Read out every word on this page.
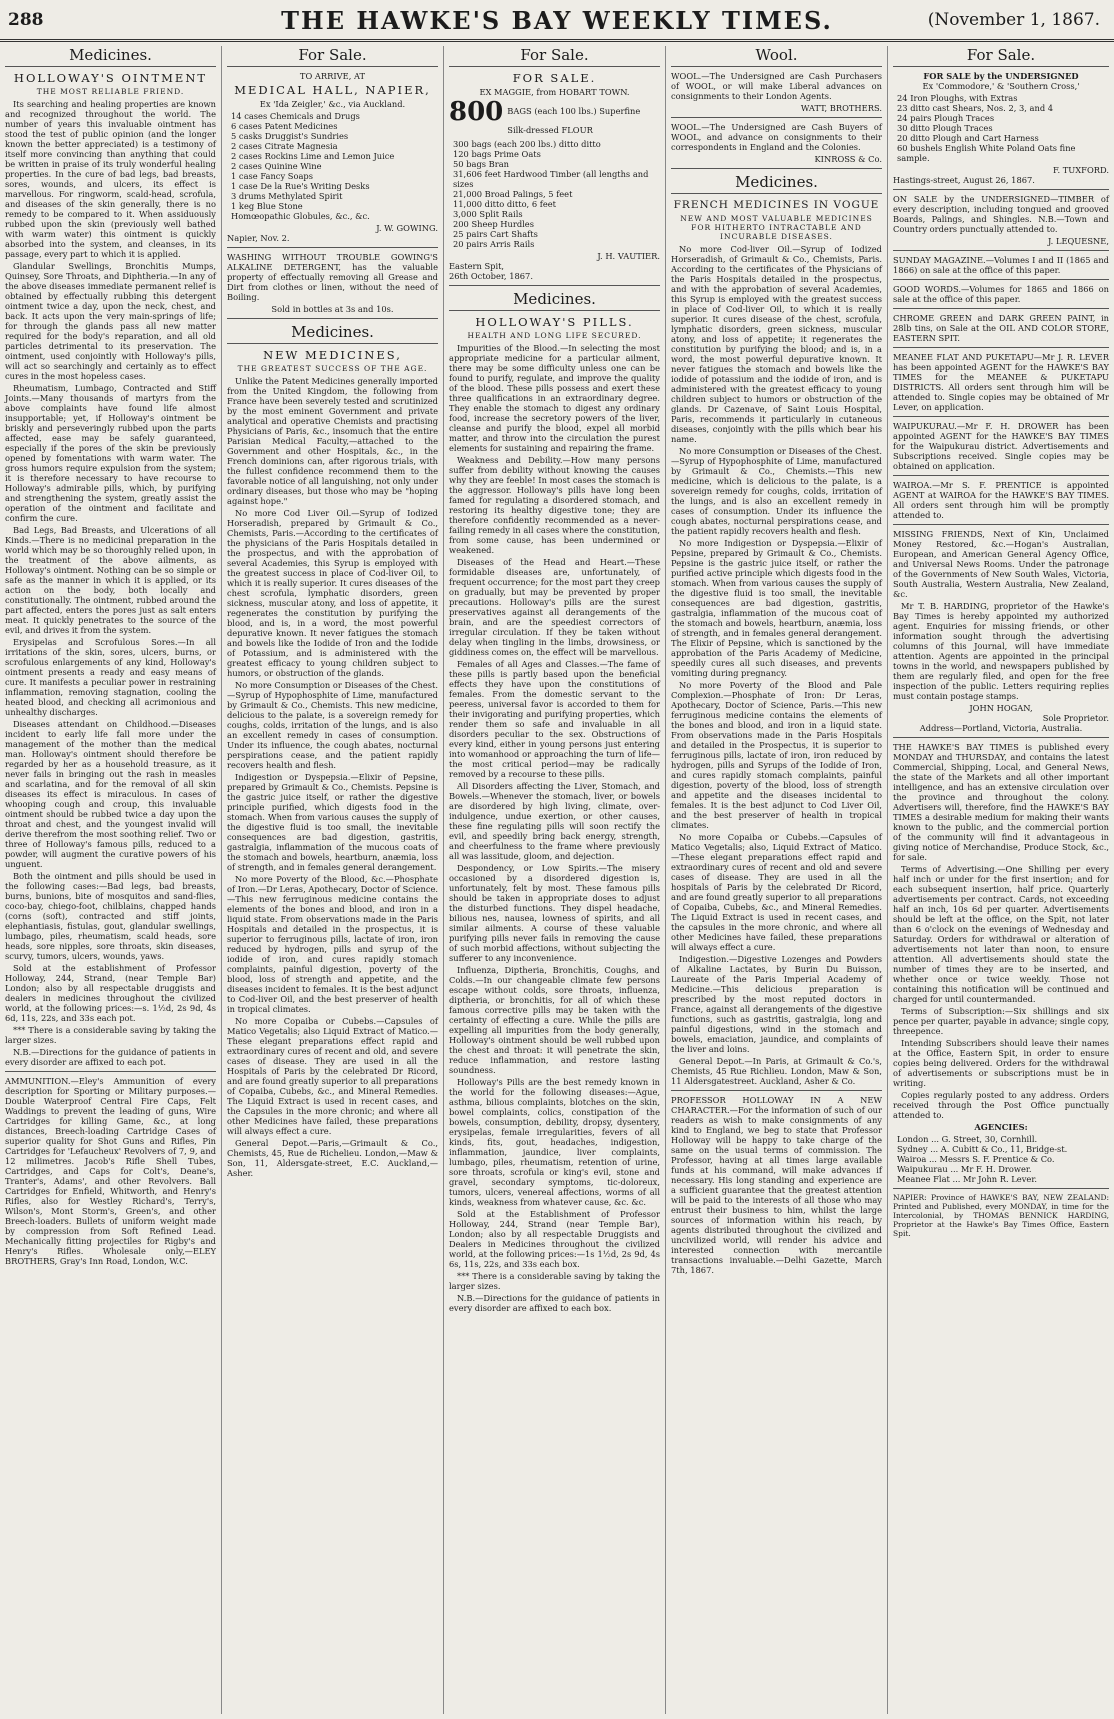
288	THE HAWKE'S BAY WEEKLY TIMES.	(November 1, 1867.
Medicines.
HOLLOWAY'S OINTMENT
THE MOST RELIABLE FRIEND.

Its searching and healing properties are known and recognized throughout the world. The number of years this invaluable ointment has stood the test of public opinion (and the longer known the better appreciated) is a testimony of itself more convincing than anything that could be written in praise of its truly wonderful healing properties. In the cure of bad legs, bad breasts, sores, wounds, and ulcers, its effect is marvellous. For ringworm, scald-head, scrofula, and diseases of the skin generally, there is no remedy to be compared to it. When assiduously rubbed upon the skin (previously well bathed with warm water) this ointment is quickly absorbed into the system, and cleanses, in its passage, every part to which it is applied.

Glandular Swellings, Bronchitis Mumps, Quinsey, Sore Throats, and Diphtheria.—In any of the above diseases immediate permanent relief is obtained by effectually rubbing this detergent ointment twice a day, upon the neck, chest, and back. It acts upon the very main-springs of life; for through the glands pass all new matter required for the body's reparation, and all old particles detrimental to its preservation. The ointment, used conjointly with Holloway's pills, will act so searchingly and certainly as to effect cures in the most hopeless cases.

Rheumatism, Lumbago, Contracted and Stiff Joints.—Many thousands of martyrs from the above complaints have found life almost insupportable; yet, if Holloway's ointment be briskly and perseveringly rubbed upon the parts affected, ease may be safely guaranteed, especially if the pores of the skin be previously opened by fomentations with warm water. The gross humors require expulsion from the system; it is therefore necessary to have recourse to Holloway's admirable pills, which, by purifying and strengthening the system, greatly assist the operation of the ointment and facilitate and confirm the cure.

Bad Legs, Bad Breasts, and Ulcerations of all Kinds.—There is no medicinal preparation in the world which may be so thoroughly relied upon, in the treatment of the above ailments, as Holloway's ointment. Nothing can be so simple or safe as the manner in which it is applied, or its action on the body, both locally and constitutionally. The ointment, rubbed around the part affected, enters the pores just as salt enters meat. It quickly penetrates to the source of the evil, and drives it from the system.

Erysipelas and Scrofulous Sores.—In all irritations of the skin, sores, ulcers, burns, or scrofulous enlargements of any kind, Holloway's ointment presents a ready and easy means of cure. It manifests a peculiar power in restraining inflammation, removing stagnation, cooling the heated blood, and checking all acrimonious and unhealthy discharges.

Diseases attendant on Childhood.—Diseases incident to early life fall more under the management of the mother than the medical man. Holloway's ointment should therefore be regarded by her as a household treasure, as it never fails in bringing out the rash in measles and scarlatina, and for the removal of all skin diseases its effect is miraculous. In cases of whooping cough and croup, this invaluable ointment should be rubbed twice a day upon the throat and chest, and the youngest invalid will derive therefrom the most soothing relief. Two or three of Holloway's famous pills, reduced to a powder, will augment the curative powers of his unguent.

Both the ointment and pills should be used in the following cases:—Bad legs, bad breasts, burns, bunions, bite of mosquitos and sand-flies, coco-bay, chiego-foot, chilblains, chapped hands (corns (soft), contracted and stiff joints, elephantiasis, fistulas, gout, glandular swellings, lumbago, piles, rheumatism, scald heads, sore heads, sore nipples, sore throats, skin diseases, scurvy, tumors, ulcers, wounds, yaws.

Sold at the establishment of Professor Holloway, 244, Strand, (near Temple Bar) London; also by all respectable druggists and dealers in medicines throughout the civilized world, at the following prices:—s. 1½d, 2s 9d, 4s 6d, 11s, 22s, and 33s each pot.

*** There is a considerable saving by taking the larger sizes.

N.B.—Directions for the guidance of patients in every disorder are affixed to each pot.

AMMUNITION.—Eley's Ammunition of every description for Sporting or Military purposes.—Double Waterproof Central Fire Caps, Felt Waddings to prevent the leading of guns, Wire Cartridges for killing Game, &c., at long distances, Breech-loading Cartridge Cases of superior quality for Shot Guns and Rifles, Pin Cartridges for 'Lefaucheux' Revolvers of 7, 9, and 12 milimetres. Jacob's Rifle Shell Tubes, Cartridges, and Caps for Colt's, Deane's, Tranter's, Adams', and other Revolvers. Ball Cartridges for Enfield, Whitworth, and Henry's Rifles, also for Westley Richard's, Terry's, Wilson's, Mont Storm's, Green's, and other Breech-loaders. Bullets of uniform weight made by compression from Soft Refined Lead. Mechanically fitting projectiles for Rigby's and Henry's Rifles. Wholesale only,—ELEY BROTHERS, Gray's Inn Road, London, W.C.

For Sale.
TO ARRIVE, AT
MEDICAL HALL, NAPIER,
Ex 'Ida Zeigler,' &c., via Auckland.
14 cases Chemicals and Drugs
6 cases Patent Medicines
5 casks Druggist's Sundries
2 cases Citrate Magnesia
2 cases Rockins Lime and Lemon Juice
2 cases Quinine Wine
1 case Fancy Soaps
1 case De la Rue's Writing Desks
3 drums Methylated Spirit
1 keg Blue Stone
Homœopathic Globules, &c., &c.
J. W. GOWING.
Napier, Nov. 2.

WASHING WITHOUT TROUBLE GOWING'S ALKALINE DETERGENT, has the valuable property of effectually removing all Grease and Dirt from clothes or linen, without the need of Boiling.

Sold in bottles at 3s and 10s.
Medicines.
NEW MEDICINES,
THE GREATEST SUCCESS OF THE AGE.

Unlike the Patent Medicines generally imported from the United Kingdom, the following from France have been severely tested and scrutinized by the most eminent Government and private analytical and operative Chemists and practising Physicians of Paris, &c., insomuch that the entire Parisian Medical Faculty,—attached to the Government and other Hospitals, &c., in the French dominions can, after rigorous trials, with the fullest confidence recommend them to the favorable notice of all languishing, not only under ordinary diseases, but those who may be "hoping against hope."

No more Cod Liver Oil.—Syrup of Iodized Horseradish, prepared by Grimault & Co., Chemists, Paris.—According to the certificates of the physicians of the Paris Hospitals detailed in the prospectus, and with the approbation of several Academies, this Syrup is employed with the greatest success in place of Cod-liver Oil, to which it is really superior. It cures diseases of the chest scrofula, lymphatic disorders, green sickness, muscular atony, and loss of appetite, it regenerates the constitution by purifying the blood, and is, in a word, the most powerful depurative known. It never fatigues the stomach and bowels like the Iodide of Iron and the Iodide of Potassium, and is administered with the greatest efficacy to young children subject to humors, or obstruction of the glands.

No more Consumption or Diseases of the Chest.—Syrup of Hypophosphite of Lime, manufactured by Grimault & Co., Chemists. This new medicine, delicious to the palate, is a sovereign remedy for coughs, colds, irritation of the lungs, and is also an excellent remedy in cases of consumption. Under its influence, the cough abates, nocturnal perspirations cease, and the patient rapidly recovers health and flesh.

Indigestion or Dyspepsia.—Elixir of Pepsine, prepared by Grimault & Co., Chemists. Pepsine is the gastric juice itself, or rather the digestive principle purified, which digests food in the stomach. When from various causes the supply of the digestive fluid is too small, the inevitable consequences are bad digestion, gastritis, gastralgia, inflammation of the mucous coats of the stomach and bowels, heartburn, anæmia, loss of strength, and in females general derangement.

No more Poverty of the Blood, &c.—Phosphate of Iron.—Dr Leras, Apothecary, Doctor of Science.—This new ferruginous medicine contains the elements of the bones and blood, and iron in a liquid state. From observations made in the Paris Hospitals and detailed in the prospectus, it is superior to ferruginous pills, lactate of iron, iron reduced by hydrogen, pills and syrup of the iodide of iron, and cures rapidly stomach complaints, painful digestion, poverty of the blood, loss of strength and appetite, and the diseases incident to females. It is the best adjunct to Cod-liver Oil, and the best preserver of health in tropical climates.

No more Copaiba or Cubebs.—Capsules of Matico Vegetalis; also Liquid Extract of Matico.—These elegant preparations effect rapid and extraordinary cures of recent and old, and severe cases of disease. They are used in all the Hospitals of Paris by the celebrated Dr Ricord, and are found greatly superior to all preparations of Copaiba, Cubebs, &c., and Mineral Remedies. The Liquid Extract is used in recent cases, and the Capsules in the more chronic; and where all other Medicines have failed, these preparations will always effect a cure.

General Depot.—Paris,—Grimault & Co., Chemists, 45, Rue de Richelieu. London,—Maw & Son, 11, Aldersgate-street, E.C. Auckland,—Asher.

For Sale.
FOR SALE.
EX MAGGIE, from HOBART TOWN.
800 BAGS (each 100 lbs.) Superfine Silk-dressed FLOUR
300 bags (each 200 lbs.) ditto ditto
120 bags Prime Oats
50 bags Bran
31,606 feet Hardwood Timber (all lengths and sizes
21,000 Broad Palings, 5 feet
11,000 ditto ditto, 6 feet
3,000 Split Rails
200 Sheep Hurdles
25 pairs Cart Shafts
20 pairs Arris Rails
J. H. VAUTIER.
Eastern Spit,
26th October, 1867.
Medicines.
HOLLOWAY'S PILLS.
HEALTH AND LONG LIFE SECURED.

Impurities of the Blood.—In selecting the most appropriate medicine for a particular ailment, there may be some difficulty unless one can be found to purify, regulate, and improve the quality of the blood. These pills possess and exert these three qualifications in an extraordinary degree. They enable the stomach to digest any ordinary food, increase the secretory powers of the liver, cleanse and purify the blood, expel all morbid matter, and throw into the circulation the purest elements for sustaining and repairing the frame.

Weakness and Debility.—How many persons suffer from debility without knowing the causes why they are feeble! In most cases the stomach is the aggressor. Holloway's pills have long been famed for regulating a disordered stomach, and restoring its healthy digestive tone; they are therefore confidently recommended as a never-failing remedy in all cases where the constitution, from some cause, has been undermined or weakened.

Diseases of the Head and Heart.—These formidable diseases are, unfortunately, of frequent occurrence; for the most part they creep on gradually, but may be prevented by proper precautions. Holloway's pills are the surest preservatives against all derangements of the brain, and are the speediest correctors of irregular circulation. If they be taken without delay when tingling in the limbs, drowsiness, or giddiness comes on, the effect will be marvellous.

Females of all Ages and Classes.—The fame of these pills is partly based upon the beneficial effects they have upon the constitutions of females. From the domestic servant to the peeress, universal favor is accorded to them for their invigorating and purifying properties, which render them so safe and invaluable in all disorders peculiar to the sex. Obstructions of every kind, either in young persons just entering into womanhood or approaching the turn of life—the most critical period—may be radically removed by a recourse to these pills.

All Disorders affecting the Liver, Stomach, and Bowels.—Whenever the stomach, liver, or bowels are disordered by high living, climate, over-indulgence, undue exertion, or other causes, these fine regulating pills will soon rectify the evil, and speedily bring back energy, strength, and cheerfulness to the frame where previously all was lassitude, gloom, and dejection.

Despondency, or Low Spirits.—The misery occasioned by a disordered digestion is, unfortunately, felt by most. These famous pills should be taken in appropriate doses to adjust the disturbed functions. They dispel headache, bilious nes, nausea, lowness of spirits, and all similar ailments. A course of these valuable purifying pills never fails in removing the cause of such morbid affections, without subjecting the sufferer to any inconvenience.

Influenza, Diptheria, Bronchitis, Coughs, and Colds.—In our changeable climate few persons escape without colds, sore throats, influenza, diptheria, or bronchitis, for all of which these famous corrective pills may be taken with the certainty of effecting a cure. While the pills are expelling all impurities from the body generally, Holloway's ointment should be well rubbed upon the chest and throat: it will penetrate the skin, reduce inflammation, and restore lasting soundness.

Holloway's Pills are the best remedy known in the world for the following diseases:—Ague, asthma, bilious complaints, blotches on the skin, bowel complaints, colics, constipation of the bowels, consumption, debility, dropsy, dysentery, erysipelas, female irregularities, fevers of all kinds, fits, gout, headaches, indigestion, inflammation, jaundice, liver complaints, lumbago, piles, rheumatism, retention of urine, sore throats, scrofula or king's evil, stone and gravel, secondary symptoms, tic-doloreux, tumors, ulcers, venereal affections, worms of all kinds, weakness from whatever cause, &c. &c.

Sold at the Establishment of Professor Holloway, 244, Strand (near Temple Bar), London; also by all respectable Druggists and Dealers in Medicines throughout the civilized world, at the following prices:—1s 1½d, 2s 9d, 4s 6s, 11s, 22s, and 33s each box.

*** There is a considerable saving by taking the larger sizes.

N.B.—Directions for the guidance of patients in every disorder are affixed to each box.

Wool.

WOOL.—The Undersigned are Cash Purchasers of WOOL, or will make Liberal advances on consignments to their London Agents.

WATT, BROTHERS.

WOOL.—The Undersigned are Cash Buyers of WOOL, and advance on consignments to their correspondents in England and the Colonies.

KINROSS & Co.
Medicines.
FRENCH MEDICINES IN VOGUE
NEW AND MOST VALUABLE MEDICINES FOR HITHERTO INTRACTABLE AND INCURABLE DISEASES.

No more Cod-liver Oil.—Syrup of Iodized Horseradish, of Grimault & Co., Chemists, Paris. According to the certificates of the Physicians of the Paris Hospitals detailed in the prospectus, and with the approbation of several Academies, this Syrup is employed with the greatest success in place of Cod-liver Oil, to which it is really superior. It cures disease of the chest, scrofula, lymphatic disorders, green sickness, muscular atony, and loss of appetite; it regenerates the constitution by purifying the blood; and is, in a word, the most powerful depurative known. It never fatigues the stomach and bowels like the iodide of potassium and the iodide of iron, and is administered with the greatest efficacy to young children subject to humors or obstruction of the glands. Dr Cazenave, of Saint Louis Hospital, Paris, recommends it particularly in cutaneous diseases, conjointly with the pills which bear his name.

No more Consumption or Diseases of the Chest.—Syrup of Hypophosphite of Lime, manufactured by Grimault & Co., Chemists.—This new medicine, which is delicious to the palate, is a sovereign remedy for coughs, colds, irritation of the lungs, and is also an excellent remedy in cases of consumption. Under its influence the cough abates, nocturnal perspirations cease, and the patient rapidly recovers health and flesh.

No more Indigestion or Dyspepsia.—Elixir of Pepsine, prepared by Grimault & Co., Chemists. Pepsine is the gastric juice itself, or rather the purified active principle which digests food in the stomach. When from various causes the supply of the digestive fluid is too small, the inevitable consequences are bad digestion, gastritis, gastralgia, inflammation of the mucous coat of the stomach and bowels, heartburn, anæmia, loss of strength, and in females general derangement. The Elixir of Pepsine, which is sanctioned by the approbation of the Paris Academy of Medicine, speedily cures all such diseases, and prevents vomiting during pregnancy.

No more Poverty of the Blood and Pale Complexion.—Phosphate of Iron: Dr Leras, Apothecary, Doctor of Science, Paris.—This new ferruginous medicine contains the elements of the bones and blood, and iron in a liquid state. From observations made in the Paris Hospitals and detailed in the Prospectus, it is superior to ferruginous pills, lactate of iron, iron reduced by hydrogen, pills and Syrups of the Iodide of Iron, and cures rapidly stomach complaints, painful digestion, poverty of the blood, loss of strength and appetite and the diseases incidental to females. It is the best adjunct to Cod Liver Oil, and the best preserver of health in tropical climates.

No more Copaiba or Cubebs.—Capsules of Matico Vegetalis; also, Liquid Extract of Matico.—These elegant preparations effect rapid and extraordinary cures of recent and old and severe cases of disease. They are used in all the hospitals of Paris by the celebrated Dr Ricord, and are found greatly superior to all preparations of Copaiba, Cubebs, &c., and Mineral Remedies. The Liquid Extract is used in recent cases, and the capsules in the more chronic, and where all other Medicines have failed, these preparations will always effect a cure.

Indigestion.—Digestive Lozenges and Powders of Alkaline Lactates, by Burin Du Buisson, Laureate of the Paris Imperial Academy of Medicine.—This delicious preparation is prescribed by the most reputed doctors in France, against all derangements of the digestive functions, such as gastritis, gastralgia, long and painful digestions, wind in the stomach and bowels, emaciation, jaundice, and complaints of the liver and loins.

General Depot.—In Paris, at Grimault & Co.'s, Chemists, 45 Rue Richlieu. London, Maw & Son, 11 Aldersgatestreet. Auckland, Asher & Co.

PROFESSOR HOLLOWAY IN A NEW CHARACTER.—For the information of such of our readers as wish to make consignments of any kind to England, we beg to state that Professor Holloway will be happy to take charge of the same on the usual terms of commission. The Professor, having at all times large available funds at his command, will make advances if necessary. His long standing and experience are a sufficient guarantee that the greatest attention will be paid to the interests of all those who may entrust their business to him, whilst the large sources of information within his reach, by agents distributed throughout the civilized and uncivilized world, will render his advice and interested connection with mercantile transactions invaluable.—Delhi Gazette, March 7th, 1867.

For Sale.
FOR SALE by the UNDERSIGNED
Ex 'Commodore,' & 'Southern Cross,'
24 Iron Ploughs, with Extras
23 ditto cast Shears, Nos. 2, 3, and 4
24 pairs Plough Traces
30 ditto Plough Traces
20 ditto Plough and Cart Harness
60 bushels English White Poland Oats fine sample.
F. TUXFORD.
Hastings-street, August 26, 1867.

ON SALE by the UNDERSIGNED—TIMBER of every description, including tongued and grooved Boards, Palings, and Shingles. N.B.—Town and Country orders punctually attended to.

J. LEQUESNE,

SUNDAY MAGAZINE.—Volumes I and II (1865 and 1866) on sale at the office of this paper.

GOOD WORDS.—Volumes for 1865 and 1866 on sale at the office of this paper.

CHROME GREEN and DARK GREEN PAINT, in 28lb tins, on Sale at the OIL AND COLOR STORE, EASTERN SPIT.

MEANEE FLAT AND PUKETAPU—Mr J. R. LEVER has been appointed AGENT for the HAWKE'S BAY TIMES for the MEANEE & PUKETAPU DISTRICTS. All orders sent through him will be attended to. Single copies may be obtained of Mr Lever, on application.

WAIPUKURAU.—Mr F. H. DROWER has been appointed AGENT for the HAWKE'S BAY TIMES for the Waipukurau district. Advertisements and Subscriptions received. Single copies may be obtained on application.

WAIROA.—Mr S. F. PRENTICE is appointed AGENT at WAIROA for the HAWKE'S BAY TIMES. All orders sent through him will be promptly attended to.

MISSING FRIENDS, Next of Kin, Unclaimed Money Restored, &c.—Hogan's Australian, European, and American General Agency Office, and Universal News Rooms. Under the patronage of the Governments of New South Wales, Victoria, South Australia, Western Australia, New Zealand, &c.

Mr T. B. HARDING, proprietor of the Hawke's Bay Times is hereby appointed my authorized agent. Enquiries for missing friends, or other information sought through the advertising columns of this Journal, will have immediate attention. Agents are appointed in the principal towns in the world, and newspapers published by them are regularly filed, and open for the free inspection of the public. Letters requiring replies must contain postage stamps.

JOHN HOGAN,
Sole Proprietor.
Address—Portland, Victoria, Australia.

THE HAWKE'S BAY TIMES is published every MONDAY and THURSDAY, and contains the latest Commercial, Shipping, Local, and General News, the state of the Markets and all other important intelligence, and has an extensive circulation over the province and throughout the colony. Advertisers will, therefore, find the HAWKE'S BAY TIMES a desirable medium for making their wants known to the public, and the commercial portion of the community will find it advantageous in giving notice of Merchandise, Produce Stock, &c., for sale.

Terms of Advertising.—One Shilling per every half inch or under for the first insertion; and for each subsequent insertion, half price. Quarterly advertisements per contract. Cards, not exceeding half an inch, 10s 6d per quarter. Advertisements should be left at the office, on the Spit, not later than 6 o'clock on the evenings of Wednesday and Saturday. Orders for withdrawal or alteration of advertisements not later than noon, to ensure attention. All advertisements should state the number of times they are to be inserted, and whether once or twice weekly. Those not containing this notification will be continued and charged for until countermanded.

Terms of Subscription:—Six shillings and six pence per quarter, payable in advance; single copy, threepence.

Intending Subscribers should leave their names at the Office, Eastern Spit, in order to ensure copies being delivered. Orders for the withdrawal of advertisements or subscriptions must be in writing.

Copies regularly posted to any address. Orders received through the Post Office punctually attended to.

AGENCIES:
London ... G. Street, 30, Cornhill.
Sydney ... A. Cubitt & Co., 11, Bridge-st.
Wairoa ... Messrs S. F. Prentice & Co.
Waipukurau ... Mr F. H. Drower.
Meanee Flat ... Mr John R. Lever.

NAPIER: Province of HAWKE'S BAY, NEW ZEALAND: Printed and Published, every MONDAY, in time for the Intercolonial, by THOMAS BENNICK HARDING, Proprietor at the Hawke's Bay Times Office, Eastern Spit.
